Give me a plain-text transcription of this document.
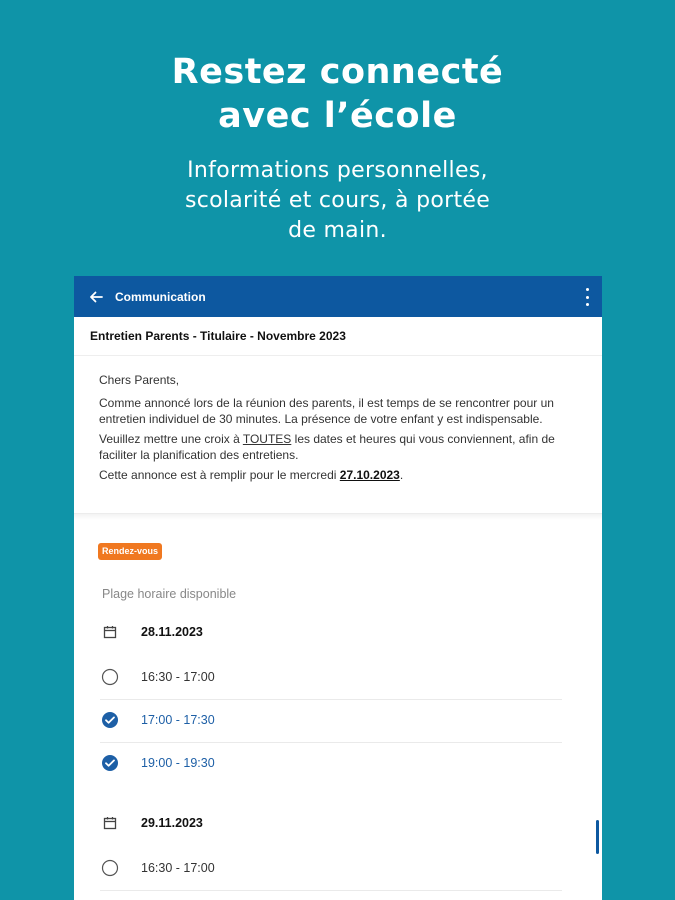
Restez connecté
avec l’école
Informations personnelles,
scolarité et cours, à portée
de main.
Communication
Entretien Parents - Titulaire - Novembre 2023

Chers Parents,

Comme annoncé lors de la réunion des parents, il est temps de se rencontrer pour un entretien individuel de 30 minutes. La présence de votre enfant y est indispensable.

Veuillez mettre une croix à TOUTES les dates et heures qui vous conviennent, afin de faciliter la planification des entretiens.

Cette annonce est à remplir pour le mercredi 27.10.2023.

Rendez-vous
Plage horaire disponible
28.11.2023
16:30 - 17:00
17:00 - 17:30
19:00 - 19:30
29.11.2023
16:30 - 17:00
